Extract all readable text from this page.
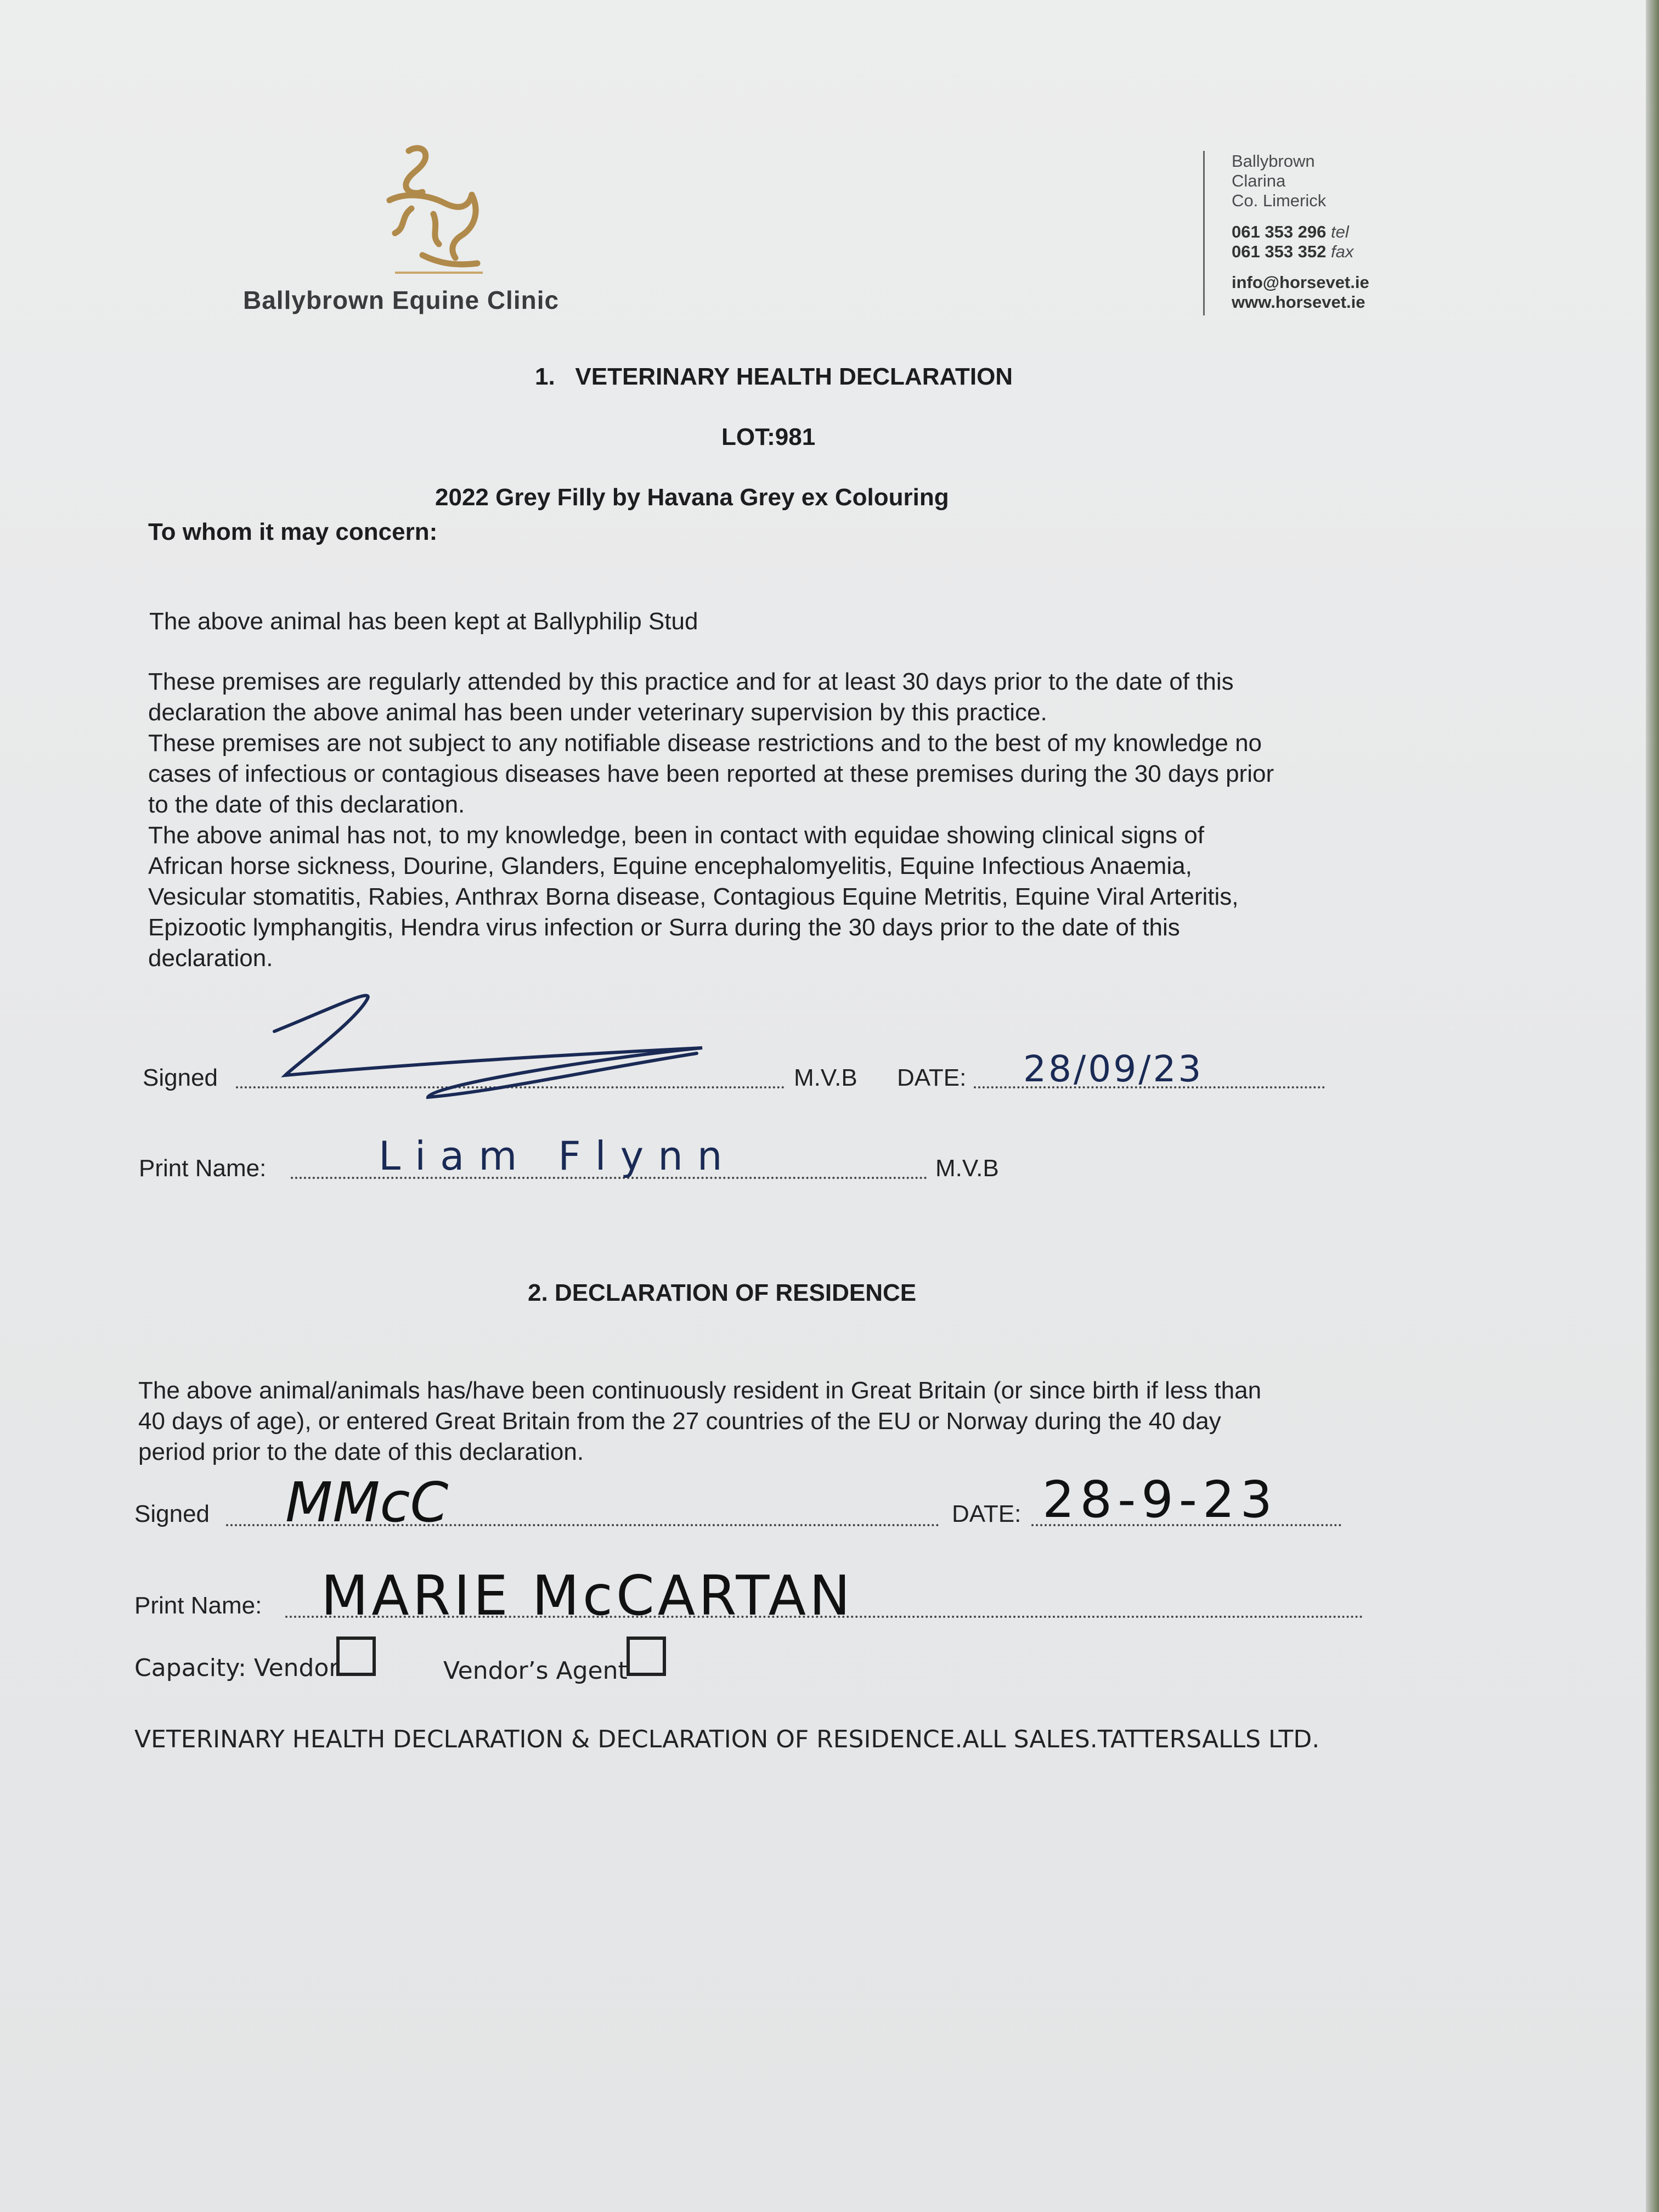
Ballybrown Equine Clinic
Ballybrown
Clarina
Co. Limerick
061 353 296 tel
061 353 352 fax
info@horsevet.ie
www.horsevet.ie
1.   VETERINARY HEALTH DECLARATION
LOT:981
2022 Grey Filly by Havana Grey ex Colouring
To whom it may concern:
The above animal has been kept at Ballyphilip Stud
These premises are regularly attended by this practice and for at least 30 days prior to the date of this
declaration the above animal has been under veterinary supervision by this practice.
These premises are not subject to any notifiable disease restrictions and to the best of my knowledge no
cases of infectious or contagious diseases have been reported at these premises during the 30 days prior
to the date of this declaration.
The above animal has not, to my knowledge, been in contact with equidae showing clinical signs of
African horse sickness, Dourine, Glanders, Equine encephalomyelitis, Equine Infectious Anaemia,
Vesicular stomatitis, Rabies, Anthrax Borna disease, Contagious Equine Metritis, Equine Viral Arteritis,
Epizootic lymphangitis, Hendra virus infection or Surra during the 30 days prior to the date of this
declaration.
Signed	M.V.B DATE: 28/09/23
Print Name:	Liam Flynn	M.V.B
2. DECLARATION OF RESIDENCE
The above animal/animals has/have been continuously resident in Great Britain (or since birth if less than
40 days of age), or entered Great Britain from the 27 countries of the EU or Norway during the 40 day
period prior to the date of this declaration.
Signed MMcC	DATE: 28-9-23
Print Name: MARIE McCARTAN
Capacity: Vendor	Vendor’s Agent
VETERINARY HEALTH DECLARATION & DECLARATION OF RESIDENCE.ALL SALES.TATTERSALLS LTD.
